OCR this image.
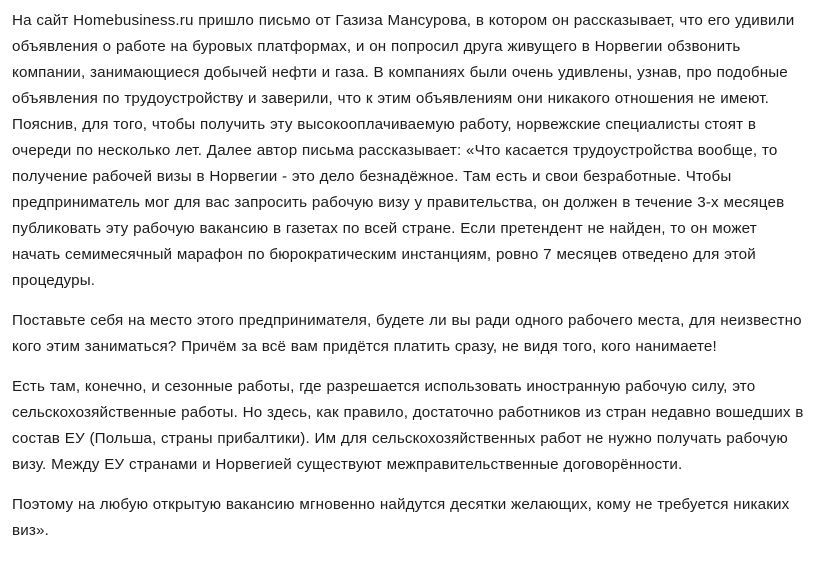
На сайт Homebusiness.ru пришло письмо от Газиза Мансурова, в котором он рассказывает, что его удивили объявления о работе на буровых платформах, и он попросил друга живущего в Норвегии обзвонить компании, занимающиеся добычей нефти и газа. В компаниях были очень удивлены, узнав, про подобные объявления по трудоустройству и заверили, что к этим объявлениям они никакого отношения не имеют. Пояснив, для того, чтобы получить эту высокооплачиваемую работу, норвежские специалисты стоят в очереди по несколько лет. Далее автор письма рассказывает: «Что касается трудоустройства вообще, то получение рабочей визы в Норвегии - это дело безнадёжное. Там есть и свои безработные. Чтобы предприниматель мог для вас запросить рабочую визу у правительства, он должен в течение 3-х месяцев публиковать эту рабочую вакансию в газетах по всей стране. Если претендент не найден, то он может начать семимесячный марафон по бюрократическим инстанциям, ровно 7 месяцев отведено для этой процедуры.

Поставьте себя на место этого предпринимателя, будете ли вы ради одного рабочего места, для неизвестно кого этим заниматься? Причём за всё вам придётся платить сразу, не видя того, кого нанимаете!

Есть там, конечно, и сезонные работы, где разрешается использовать иностранную рабочую силу, это сельскохозяйственные работы. Но здесь, как правило, достаточно работников из стран недавно вошедших в состав ЕУ (Польша, страны прибалтики). Им для сельскохозяйственных работ не нужно получать рабочую визу. Между ЕУ странами и Норвегией существуют межправительственные договорённости.

Поэтому на любую открытую вакансию мгновенно найдутся десятки желающих, кому не требуется никаких виз».
